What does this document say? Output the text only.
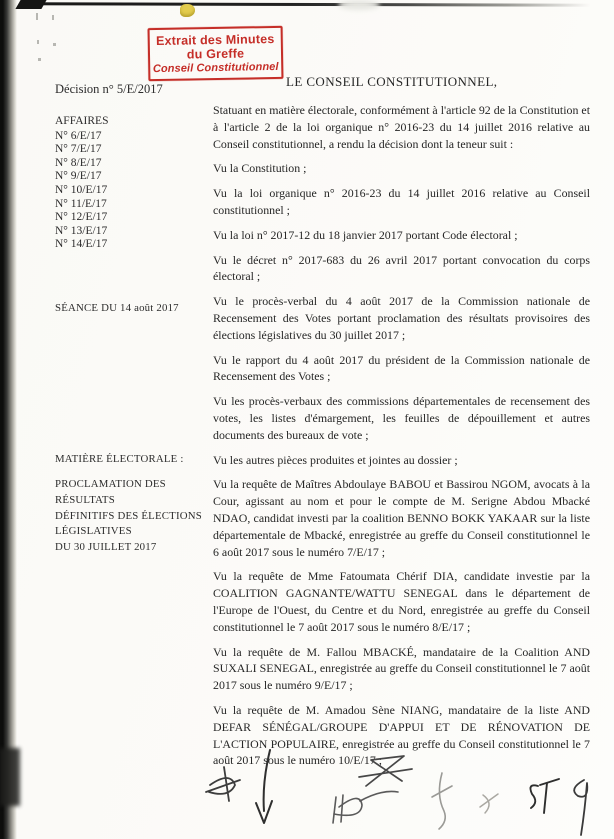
Extrait des Minutes
du Greffe
Conseil Constitutionnel
Décision n° 5/E/2017
AFFAIRES
N° 6/E/17
N° 7/E/17
N° 8/E/17
N° 9/E/17
N° 10/E/17
N° 11/E/17
N° 12/E/17
N° 13/E/17
N° 14/E/17
SÉANCE DU 14 août 2017
MATIÈRE ÉLECTORALE :
PROCLAMATION DES
RÉSULTATS
DÉFINITIFS DES ÉLECTIONS
LÉGISLATIVES
DU 30 JUILLET 2017
LE CONSEIL CONSTITUTIONNEL,

Statuant en matière électorale, conformément à l'article 92 de la Constitution et à l'article 2 de la loi organique n° 2016-23 du 14 juillet 2016 relative au Conseil constitutionnel, a rendu la décision dont la teneur suit :

Vu la Constitution ;

Vu la loi organique n° 2016-23 du 14 juillet 2016 relative au Conseil constitutionnel ;

Vu la loi n° 2017-12 du 18 janvier 2017 portant Code électoral ;

Vu le décret n° 2017-683 du 26 avril 2017 portant convocation du corps électoral ;

Vu le procès-verbal du 4 août 2017 de la Commission nationale de Recensement des Votes portant proclamation des résultats provisoires des élections législatives du 30 juillet 2017 ;

Vu le rapport du 4 août 2017 du président de la Commission nationale de Recensement des Votes ;

Vu les procès-verbaux des commissions départementales de recensement des votes, les listes d'émargement, les feuilles de dépouillement et autres documents des bureaux de vote ;

Vu les autres pièces produites et jointes au dossier ;

Vu la requête de Maîtres Abdoulaye BABOU et Bassirou NGOM, avocats à la Cour, agissant au nom et pour le compte de M. Serigne Abdou Mbacké NDAO, candidat investi par la coalition BENNO BOKK YAKAAR sur la liste départementale de Mbacké, enregistrée au greffe du Conseil constitutionnel le 6 août 2017 sous le numéro 7/E/17 ;

Vu la requête de Mme Fatoumata Chérif DIA, candidate investie par la COALITION GAGNANTE/WATTU SENEGAL dans le département de l'Europe de l'Ouest, du Centre et du Nord, enregistrée au greffe du Conseil constitutionnel le 7 août 2017 sous le numéro 8/E/17 ;

Vu la requête de M. Fallou MBACKÉ, mandataire de la Coalition AND SUXALI SENEGAL, enregistrée au greffe du Conseil constitutionnel le 7 août 2017 sous le numéro 9/E/17 ;

Vu la requête de M. Amadou Sène NIANG, mandataire de la liste AND DEFAR SÉNÉGAL/GROUPE D'APPUI ET DE RÉNOVATION DE L'ACTION POPULAIRE, enregistrée au greffe du Conseil constitutionnel le 7 août 2017 sous le numéro 10/E/17 ;
